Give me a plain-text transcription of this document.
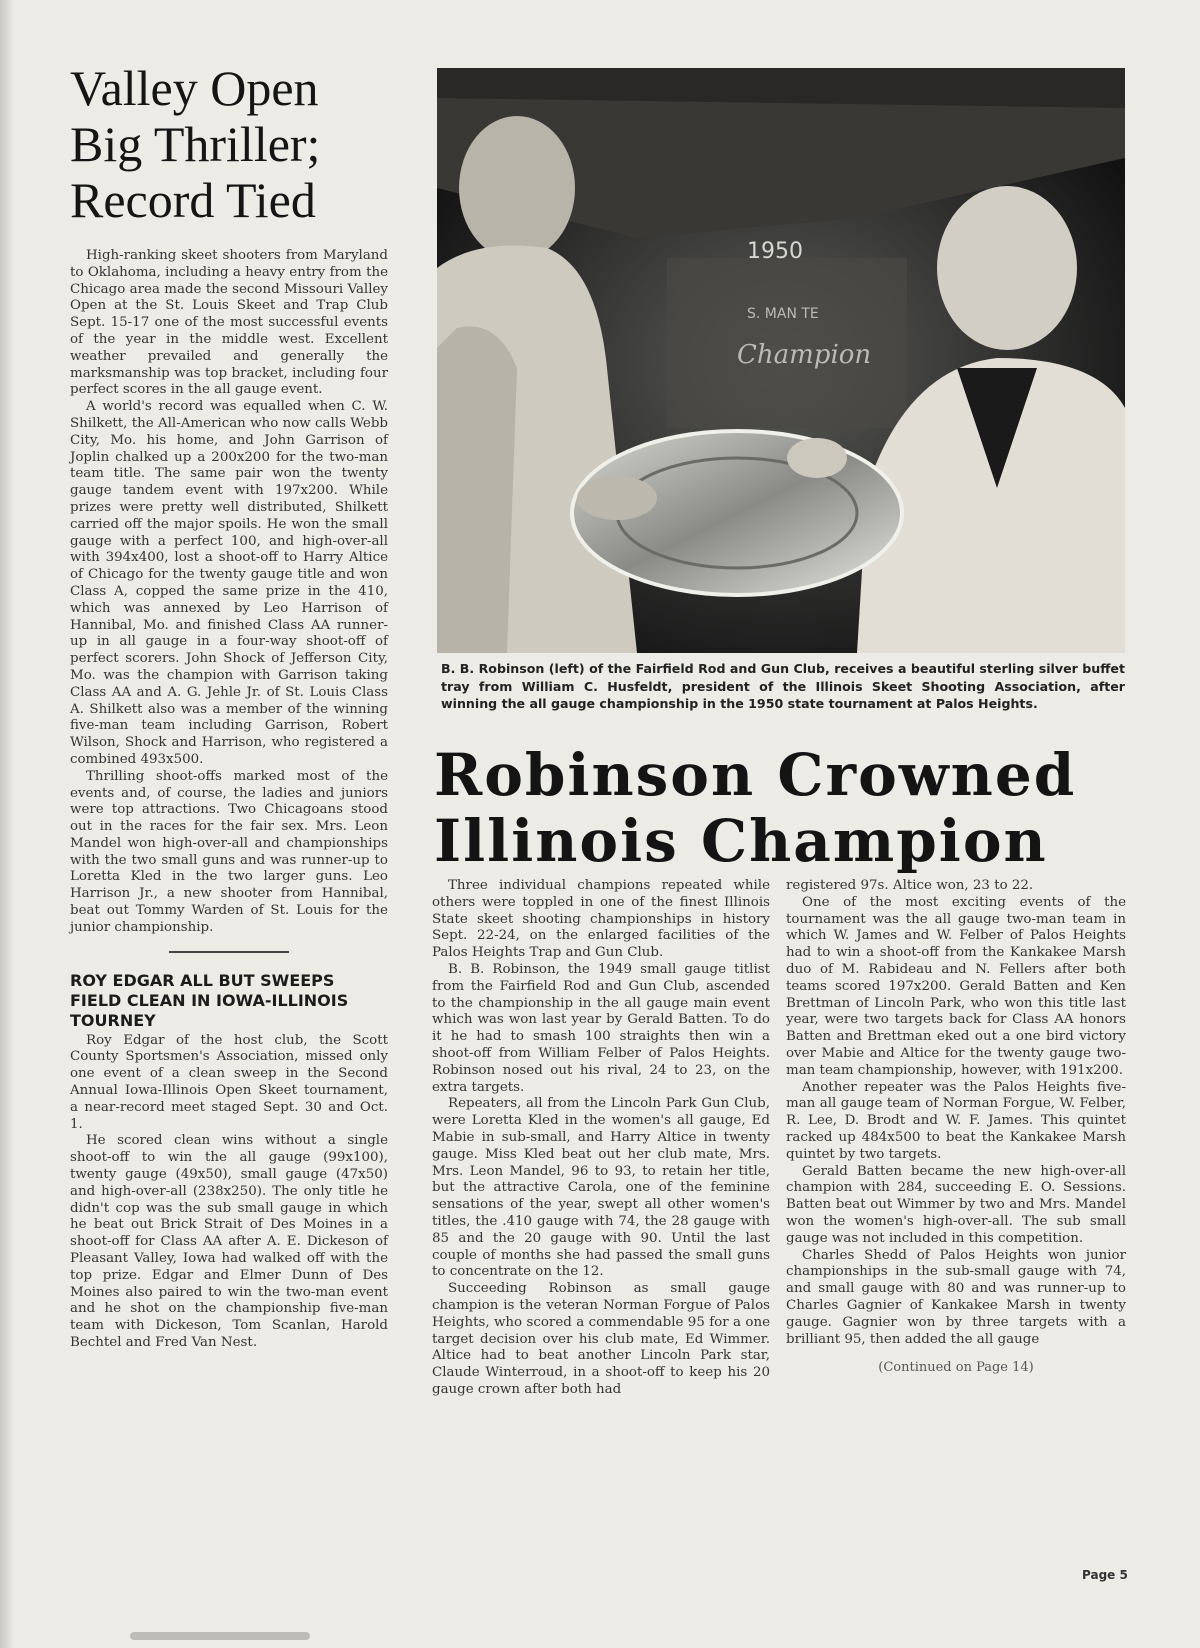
Valley Open
Big Thriller;
Record Tied

High-ranking skeet shooters from Maryland to Oklahoma, including a heavy entry from the Chicago area made the second Missouri Valley Open at the St. Louis Skeet and Trap Club Sept. 15-17 one of the most successful events of the year in the middle west. Excellent weather prevailed and generally the marksmanship was top bracket, including four perfect scores in the all gauge event.

A world's record was equalled when C. W. Shilkett, the All-American who now calls Webb City, Mo. his home, and John Garrison of Joplin chalked up a 200x200 for the two-man team title. The same pair won the twenty gauge tandem event with 197x200. While prizes were pretty well distributed, Shilkett carried off the major spoils. He won the small gauge with a perfect 100, and high-over-all with 394x400, lost a shoot-off to Harry Altice of Chicago for the twenty gauge title and won Class A, copped the same prize in the 410, which was annexed by Leo Harrison of Hannibal, Mo. and finished Class AA runner-up in all gauge in a four-way shoot-off of perfect scorers. John Shock of Jefferson City, Mo. was the champion with Garrison taking Class AA and A. G. Jehle Jr. of St. Louis Class A. Shilkett also was a member of the winning five-man team including Garrison, Robert Wilson, Shock and Harrison, who registered a combined 493x500.

Thrilling shoot-offs marked most of the events and, of course, the ladies and juniors were top attractions. Two Chicagoans stood out in the races for the fair sex. Mrs. Leon Mandel won high-over-all and championships with the two small guns and was runner-up to Loretta Kled in the two larger guns. Leo Harrison Jr., a new shooter from Hannibal, beat out Tommy Warden of St. Louis for the junior championship.

ROY EDGAR ALL BUT SWEEPS FIELD CLEAN IN IOWA-ILLINOIS TOURNEY

Roy Edgar of the host club, the Scott County Sportsmen's Association, missed only one event of a clean sweep in the Second Annual Iowa-Illinois Open Skeet tournament, a near-record meet staged Sept. 30 and Oct. 1.

He scored clean wins without a single shoot-off to win the all gauge (99x100), twenty gauge (49x50), small gauge (47x50) and high-over-all (238x250). The only title he didn't cop was the sub small gauge in which he beat out Brick Strait of Des Moines in a shoot-off for Class AA after A. E. Dickeson of Pleasant Valley, Iowa had walked off with the top prize. Edgar and Elmer Dunn of Des Moines also paired to win the two-man event and he shot on the championship five-man team with Dickeson, Tom Scanlan, Harold Bechtel and Fred Van Nest.

1950
S. MAN TE
Champion
B. B. Robinson (left) of the Fairfield Rod and Gun Club, receives a beautiful sterling silver buffet tray from William C. Husfeldt, president of the Illinois Skeet Shooting Association, after winning the all gauge championship in the 1950 state tournament at Palos Heights.
Robinson Crowned
Illinois Champion

Three individual champions repeated while others were toppled in one of the finest Illinois State skeet shooting championships in history Sept. 22-24, on the enlarged facilities of the Palos Heights Trap and Gun Club.

B. B. Robinson, the 1949 small gauge titlist from the Fairfield Rod and Gun Club, ascended to the championship in the all gauge main event which was won last year by Gerald Batten. To do it he had to smash 100 straights then win a shoot-off from William Felber of Palos Heights. Robinson nosed out his rival, 24 to 23, on the extra targets.

Repeaters, all from the Lincoln Park Gun Club, were Loretta Kled in the women's all gauge, Ed Mabie in sub-small, and Harry Altice in twenty gauge. Miss Kled beat out her club mate, Mrs. Mrs. Leon Mandel, 96 to 93, to retain her title, but the attractive Carola, one of the feminine sensations of the year, swept all other women's titles, the .410 gauge with 74, the 28 gauge with 85 and the 20 gauge with 90. Until the last couple of months she had passed the small guns to concentrate on the 12.

Succeeding Robinson as small gauge champion is the veteran Norman Forgue of Palos Heights, who scored a commendable 95 for a one target decision over his club mate, Ed Wimmer. Altice had to beat another Lincoln Park star, Claude Winterroud, in a shoot-off to keep his 20 gauge crown after both had

registered 97s. Altice won, 23 to 22.

One of the most exciting events of the tournament was the all gauge two-man team in which W. James and W. Felber of Palos Heights had to win a shoot-off from the Kankakee Marsh duo of M. Rabideau and N. Fellers after both teams scored 197x200. Gerald Batten and Ken Brettman of Lincoln Park, who won this title last year, were two targets back for Class AA honors Batten and Brettman eked out a one bird victory over Mabie and Altice for the twenty gauge two-man team championship, however, with 191x200.

Another repeater was the Palos Heights five-man all gauge team of Norman Forgue, W. Felber, R. Lee, D. Brodt and W. F. James. This quintet racked up 484x500 to beat the Kankakee Marsh quintet by two targets.

Gerald Batten became the new high-over-all champion with 284, succeeding E. O. Sessions. Batten beat out Wimmer by two and Mrs. Mandel won the women's high-over-all. The sub small gauge was not included in this competition.

Charles Shedd of Palos Heights won junior championships in the sub-small gauge with 74, and small gauge with 80 and was runner-up to Charles Gagnier of Kankakee Marsh in twenty gauge. Gagnier won by three targets with a brilliant 95, then added the all gauge

(Continued on Page 14)
Page 5
